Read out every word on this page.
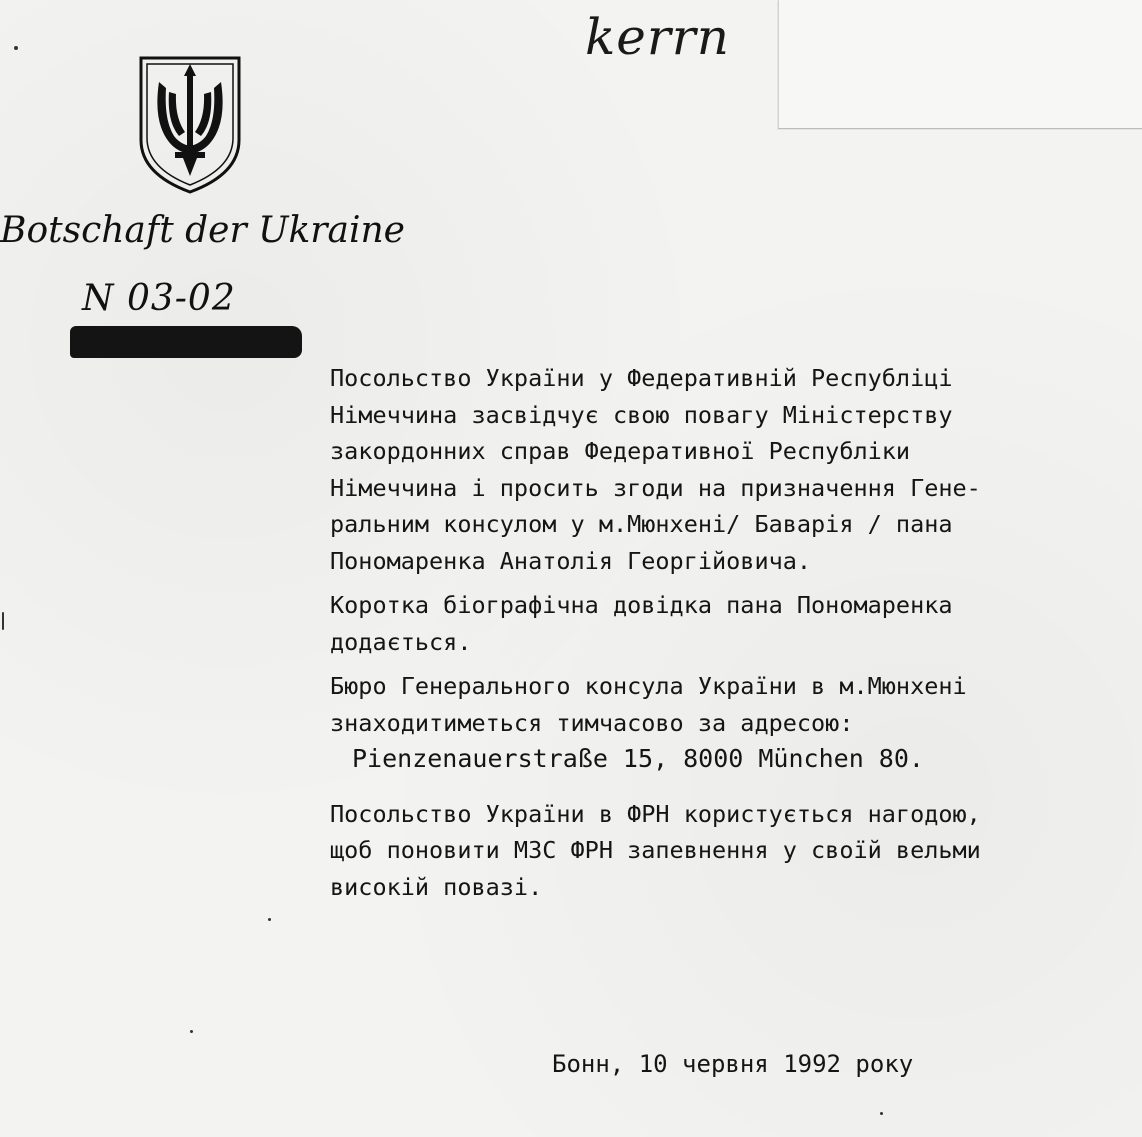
kerrn
Botschaft der Ukraine
N 03-02

Посольство України у Федеративній Республіці
Німеччина засвідчує свою повагу Міністерству
закордонних справ Федеративної Республіки
Німеччина і просить згоди на призначення Гене-
ральним консулом у м.Мюнхені/ Баварія / пана
Пономаренка Анатолія Георгійовича.

Коротка біографічна довідка пана Пономаренка
додається.

Бюро Генерального консула України в м.Мюнхені
знаходитиметься тимчасово за адресою:

Pienzenauerstraße 15, 8000 München 80.

Посольство України в ФРН користується нагодою,
щоб поновити МЗС ФРН запевнення у своїй вельми
високій повазі.

Бонн, 10 червня 1992 року
